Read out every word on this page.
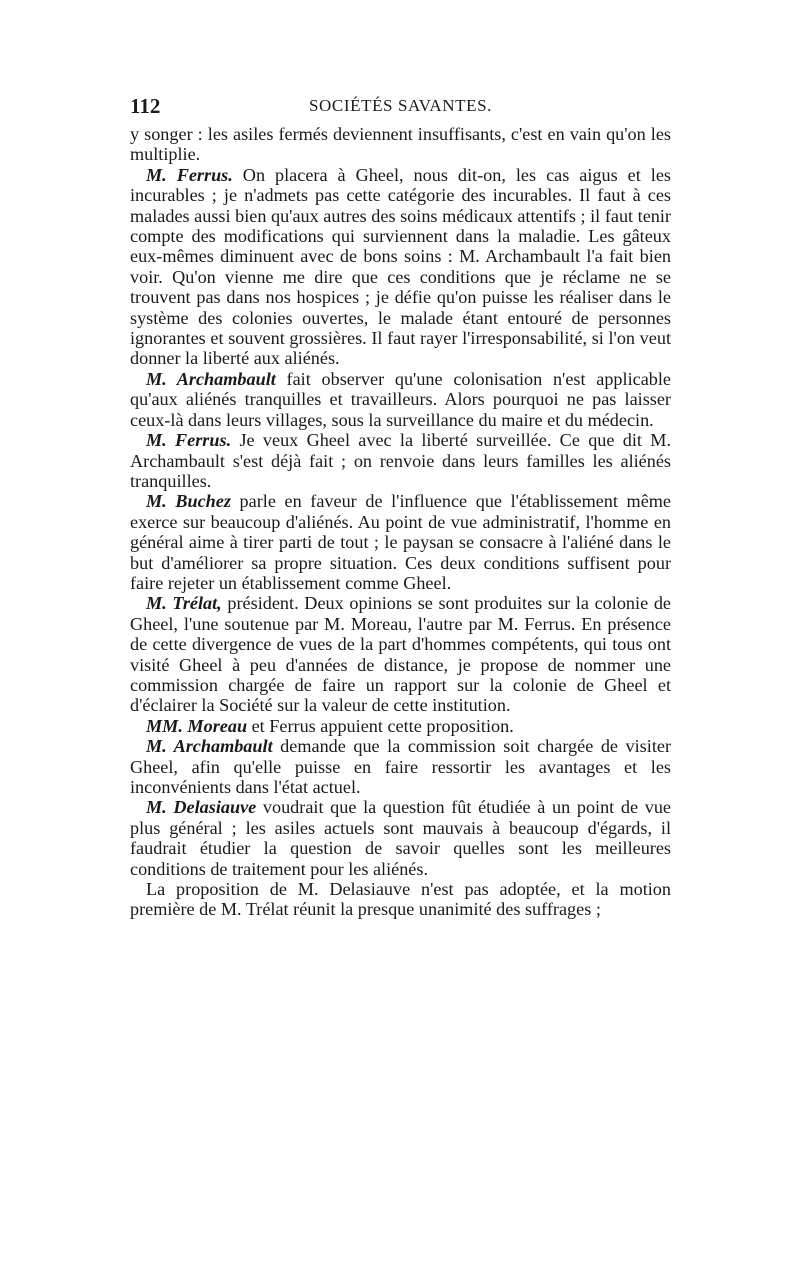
112	SOCIÉTÉS SAVANTES.

y songer : les asiles fermés deviennent insuffisants, c'est en vain qu'on les multiplie.

M. Ferrus. On placera à Gheel, nous dit-on, les cas aigus et les incurables ; je n'admets pas cette catégorie des incurables. Il faut à ces malades aussi bien qu'aux autres des soins médicaux attentifs ; il faut tenir compte des modifications qui surviennent dans la maladie. Les gâteux eux-mêmes diminuent avec de bons soins : M. Archambault l'a fait bien voir. Qu'on vienne me dire que ces conditions que je réclame ne se trouvent pas dans nos hospices ; je défie qu'on puisse les réaliser dans le système des colonies ouvertes, le malade étant entouré de personnes ignorantes et souvent grossières. Il faut rayer l'irresponsabilité, si l'on veut donner la liberté aux aliénés.

M. Archambault fait observer qu'une colonisation n'est applicable qu'aux aliénés tranquilles et travailleurs. Alors pourquoi ne pas laisser ceux-là dans leurs villages, sous la surveillance du maire et du médecin.

M. Ferrus. Je veux Gheel avec la liberté surveillée. Ce que dit M. Archambault s'est déjà fait ; on renvoie dans leurs familles les aliénés tranquilles.

M. Buchez parle en faveur de l'influence que l'établissement même exerce sur beaucoup d'aliénés. Au point de vue administratif, l'homme en général aime à tirer parti de tout ; le paysan se consacre à l'aliéné dans le but d'améliorer sa propre situation. Ces deux conditions suffisent pour faire rejeter un établissement comme Gheel.

M. Trélat, président. Deux opinions se sont produites sur la colonie de Gheel, l'une soutenue par M. Moreau, l'autre par M. Ferrus. En présence de cette divergence de vues de la part d'hommes compétents, qui tous ont visité Gheel à peu d'années de distance, je propose de nommer une commission chargée de faire un rapport sur la colonie de Gheel et d'éclairer la Société sur la valeur de cette institution.

MM. Moreau et Ferrus appuient cette proposition.

M. Archambault demande que la commission soit chargée de visiter Gheel, afin qu'elle puisse en faire ressortir les avantages et les inconvénients dans l'état actuel.

M. Delasiauve voudrait que la question fût étudiée à un point de vue plus général ; les asiles actuels sont mauvais à beaucoup d'égards, il faudrait étudier la question de savoir quelles sont les meilleures conditions de traitement pour les aliénés.

La proposition de M. Delasiauve n'est pas adoptée, et la motion première de M. Trélat réunit la presque unanimité des suffrages ;
